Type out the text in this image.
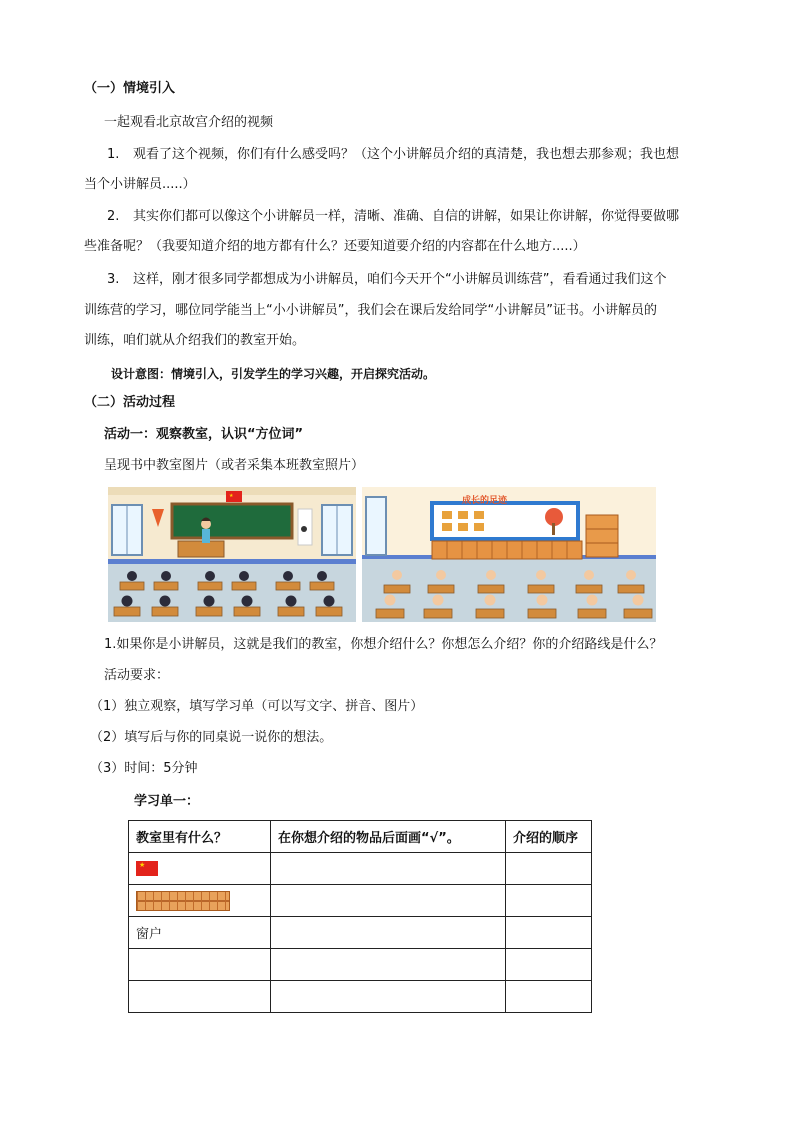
（一）情境引入
一起观看北京故宫介绍的视频
1. 观看了这个视频，你们有什么感受吗？（这个小讲解员介绍的真清楚，我也想去那参观；我也想
当个小讲解员.....）
2. 其实你们都可以像这个小讲解员一样，清晰、准确、自信的讲解，如果让你讲解，你觉得要做哪
些准备呢？（我要知道介绍的地方都有什么？还要知道要介绍的内容都在什么地方.....）
3. 这样，刚才很多同学都想成为小讲解员，咱们今天开个“小讲解员训练营”，看看通过我们这个
训练营的学习，哪位同学能当上“小小讲解员”，我们会在课后发给同学“小讲解员”证书。小讲解员的
训练，咱们就从介绍我们的教室开始。
设计意图：情境引入，引发学生的学习兴趣，开启探究活动。
（二）活动过程
活动一：观察教室，认识“方位词”
呈现书中教室图片（或者采集本班教室照片）
★	成长的足迹
1.如果你是小讲解员，这就是我们的教室，你想介绍什么？你想怎么介绍？你的介绍路线是什么？
活动要求：
（1）独立观察，填写学习单（可以写文字、拼音、图片）
（2）填写后与你的同桌说一说你的想法。
（3）时间：5分钟
学习单一：
教室里有什么？	在你想介绍的物品后面画“√”。	介绍的顺序

★		

窗户		
